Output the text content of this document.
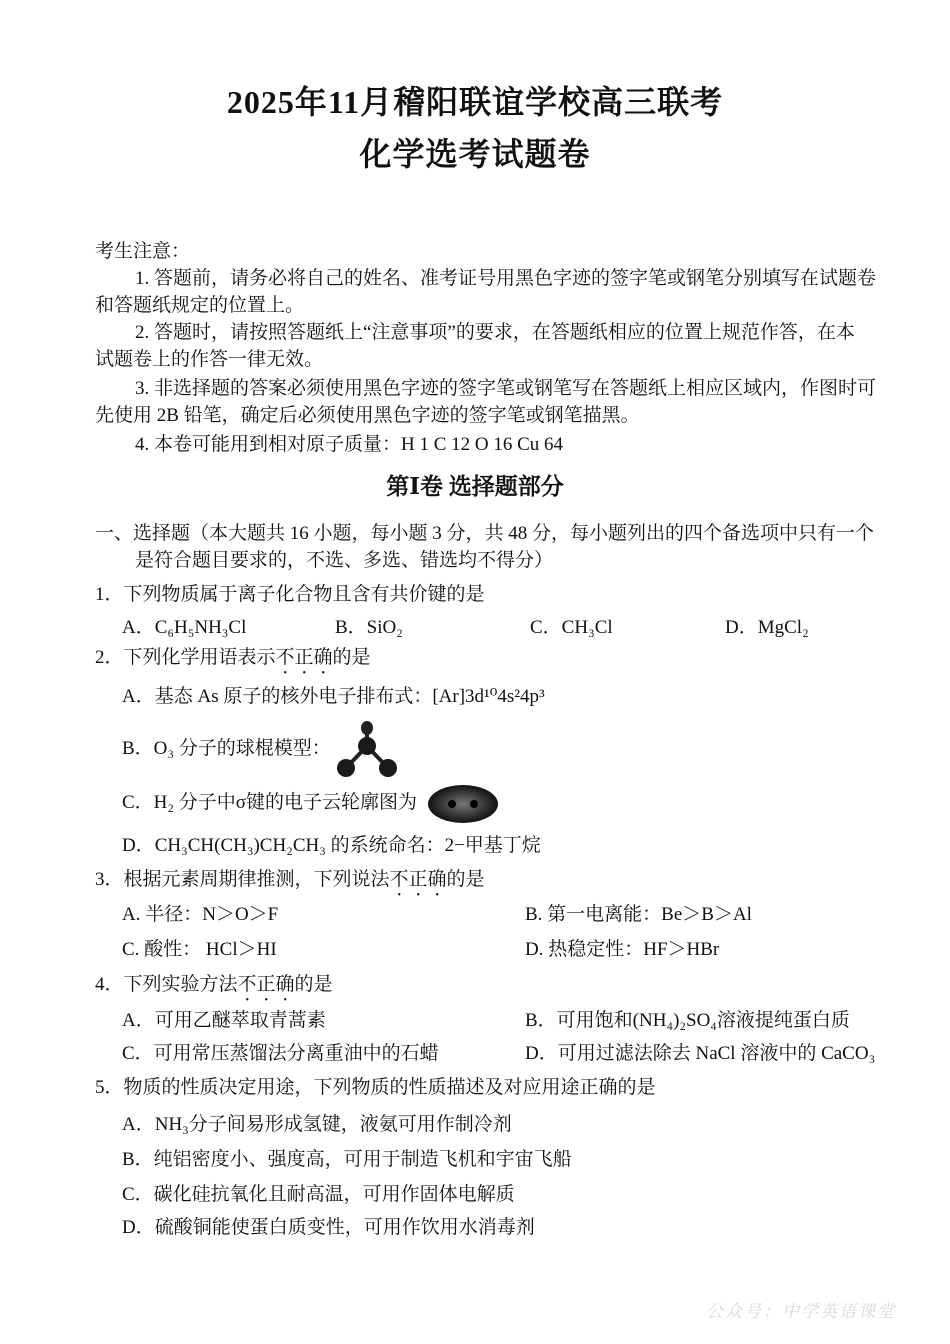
2025年11月稽阳联谊学校高三联考
化学选考试题卷
考生注意：
1. 答题前，请务必将自己的姓名、准考证号用黑色字迹的签字笔或钢笔分别填写在试题卷
和答题纸规定的位置上。
2. 答题时，请按照答题纸上“注意事项”的要求，在答题纸相应的位置上规范作答，在本
试题卷上的作答一律无效。
3. 非选择题的答案必须使用黑色字迹的签字笔或钢笔写在答题纸上相应区域内，作图时可
先使用 2B 铅笔，确定后必须使用黑色字迹的签字笔或钢笔描黑。
4. 本卷可能用到相对原子质量：H 1 C 12 O 16 Cu 64
第Ⅰ卷 选择题部分
一、选择题（本大题共 16 小题，每小题 3 分，共 48 分，每小题列出的四个备选项中只有一个
是符合题目要求的，不选、多选、错选均不得分）
1．下列物质属于离子化合物且含有共价键的是
A．C₆H₅NH₃Cl	B．SiO₂	C．CH₃Cl	D．MgCl₂
2．下列化学用语表示不正确的是
A．基态 As 原子的核外电子排布式：[Ar]3d¹⁰4s²4p³
B．O₃ 分子的球棍模型：
C．H₂ 分子中σ键的电子云轮廓图为
D．CH₃CH(CH₃)CH₂CH₃ 的系统命名：2−甲基丁烷
3．根据元素周期律推测，下列说法不正确的是
A. 半径：N＞O＞F	B. 第一电离能：Be＞B＞Al
C. 酸性： HCl＞HI	D. 热稳定性：HF＞HBr
4．下列实验方法不正确的是
A．可用乙醚萃取青蒿素	B．可用饱和(NH₄)₂SO₄溶液提纯蛋白质
C．可用常压蒸馏法分离重油中的石蜡	D．可用过滤法除去 NaCl 溶液中的 CaCO₃
5．物质的性质决定用途，下列物质的性质描述及对应用途正确的是
A．NH₃分子间易形成氢键，液氨可用作制冷剂
B．纯铝密度小、强度高，可用于制造飞机和宇宙飞船
C．碳化硅抗氧化且耐高温，可用作固体电解质
D．硫酸铜能使蛋白质变性，可用作饮用水消毒剂
公众号：中学英语课堂
